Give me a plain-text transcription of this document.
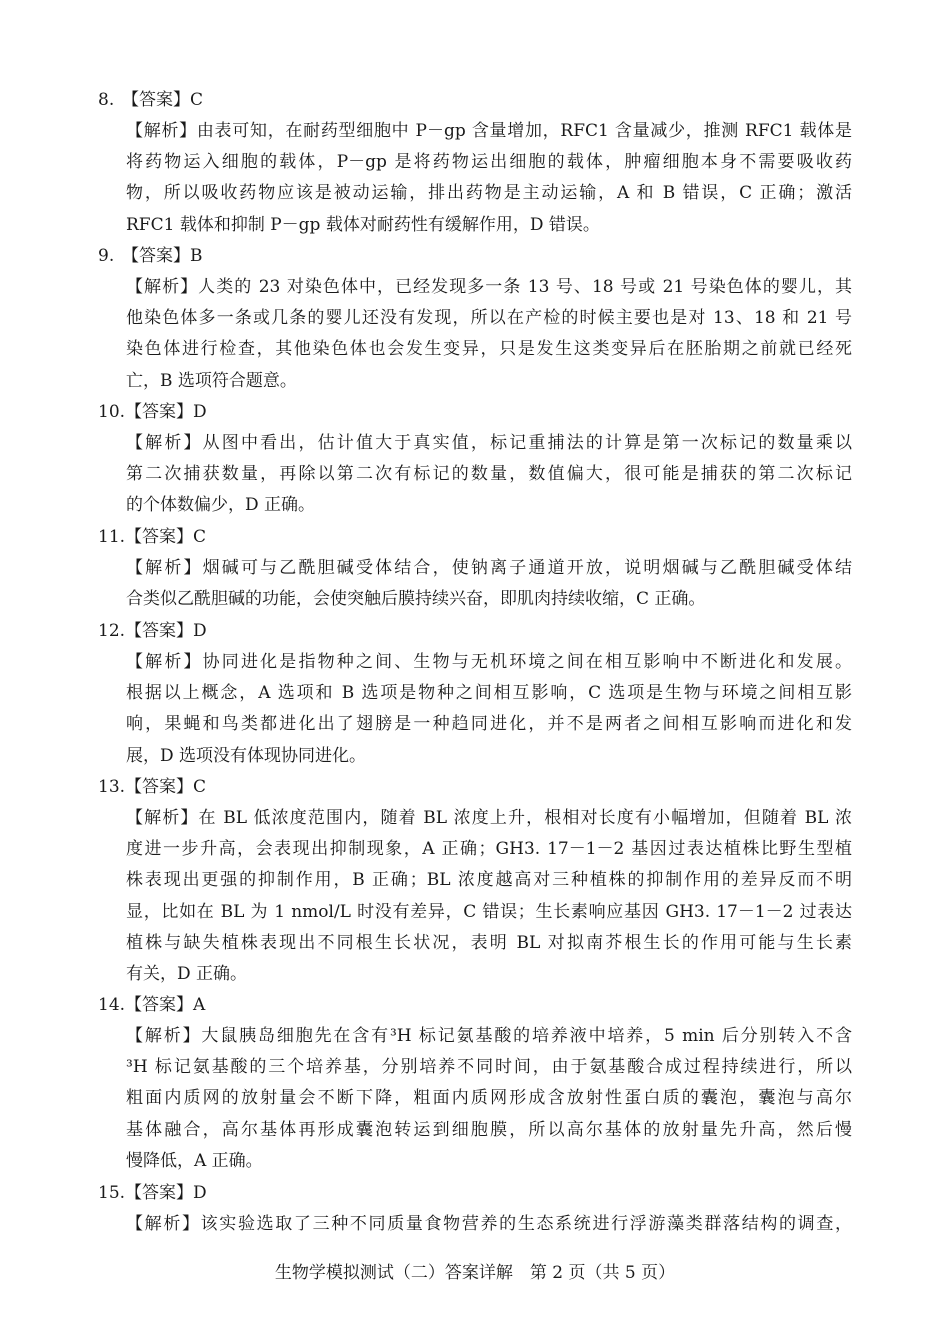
8. 【答案】C
【解析】由表可知，在耐药型细胞中 P－gp 含量增加，RFC1 含量减少，推测 RFC1 载体是
将药物运入细胞的载体，P－gp 是将药物运出细胞的载体，肿瘤细胞本身不需要吸收药
物，所以吸收药物应该是被动运输，排出药物是主动运输，A 和 B 错误，C 正确；激活
RFC1 载体和抑制 P－gp 载体对耐药性有缓解作用，D 错误。
9. 【答案】B
【解析】人类的 23 对染色体中，已经发现多一条 13 号、18 号或 21 号染色体的婴儿，其
他染色体多一条或几条的婴儿还没有发现，所以在产检的时候主要也是对 13、18 和 21 号
染色体进行检查，其他染色体也会发生变异，只是发生这类变异后在胚胎期之前就已经死
亡，B 选项符合题意。
10.【答案】D
【解析】从图中看出，估计值大于真实值，标记重捕法的计算是第一次标记的数量乘以
第二次捕获数量，再除以第二次有标记的数量，数值偏大，很可能是捕获的第二次标记
的个体数偏少，D 正确。
11.【答案】C
【解析】烟碱可与乙酰胆碱受体结合，使钠离子通道开放，说明烟碱与乙酰胆碱受体结
合类似乙酰胆碱的功能，会使突触后膜持续兴奋，即肌肉持续收缩，C 正确。
12.【答案】D
【解析】协同进化是指物种之间、生物与无机环境之间在相互影响中不断进化和发展。
根据以上概念，A 选项和 B 选项是物种之间相互影响，C 选项是生物与环境之间相互影
响，果蝇和鸟类都进化出了翅膀是一种趋同进化，并不是两者之间相互影响而进化和发
展，D 选项没有体现协同进化。
13.【答案】C
【解析】在 BL 低浓度范围内，随着 BL 浓度上升，根相对长度有小幅增加，但随着 BL 浓
度进一步升高，会表现出抑制现象，A 正确；GH3. 17－1－2 基因过表达植株比野生型植
株表现出更强的抑制作用，B 正确；BL 浓度越高对三种植株的抑制作用的差异反而不明
显，比如在 BL 为 1 nmol/L 时没有差异，C 错误；生长素响应基因 GH3. 17－1－2 过表达
植株与缺失植株表现出不同根生长状况，表明 BL 对拟南芥根生长的作用可能与生长素
有关，D 正确。
14.【答案】A
【解析】大鼠胰岛细胞先在含有³H 标记氨基酸的培养液中培养，5 min 后分别转入不含
³H 标记氨基酸的三个培养基，分别培养不同时间，由于氨基酸合成过程持续进行，所以
粗面内质网的放射量会不断下降，粗面内质网形成含放射性蛋白质的囊泡，囊泡与高尔
基体融合，高尔基体再形成囊泡转运到细胞膜，所以高尔基体的放射量先升高，然后慢
慢降低，A 正确。
15.【答案】D
【解析】该实验选取了三种不同质量食物营养的生态系统进行浮游藻类群落结构的调查，
生物学模拟测试（二）答案详解　第 2 页（共 5 页）
